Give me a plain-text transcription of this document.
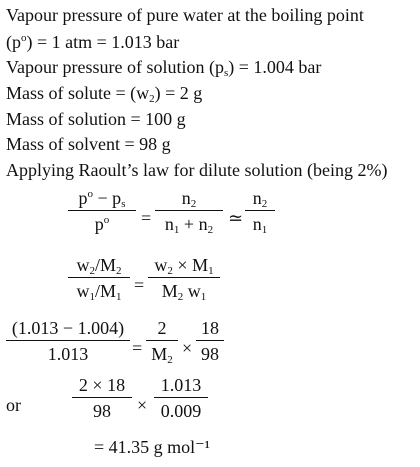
Vapour pressure of pure water at the boiling point
$(p^o) = 1$ atm = 1.013 bar
Vapour pressure of solution $(p_s) = 1.004$ bar
Mass of solute = $(w_2) = 2$ g
Mass of solution = 100 g
Mass of solvent = 98 g
Applying Raoult’s law for dilute solution (being 2%)
$p^o - p_s$
$p^o$	=
$n_2$
$n_1 + n_2$
≃
$n_2$
$n_1$
$w_2/M_2$
$w_1/M_1$
=
$w_2 \times M_1$
$M_2$ $w_1$
(1.013 − 1.004)
1.013	=
2
$M_2$
×
18
98
or
2 × 18
98	×
1.013
0.009
= 41.35 g mol⁻¹
